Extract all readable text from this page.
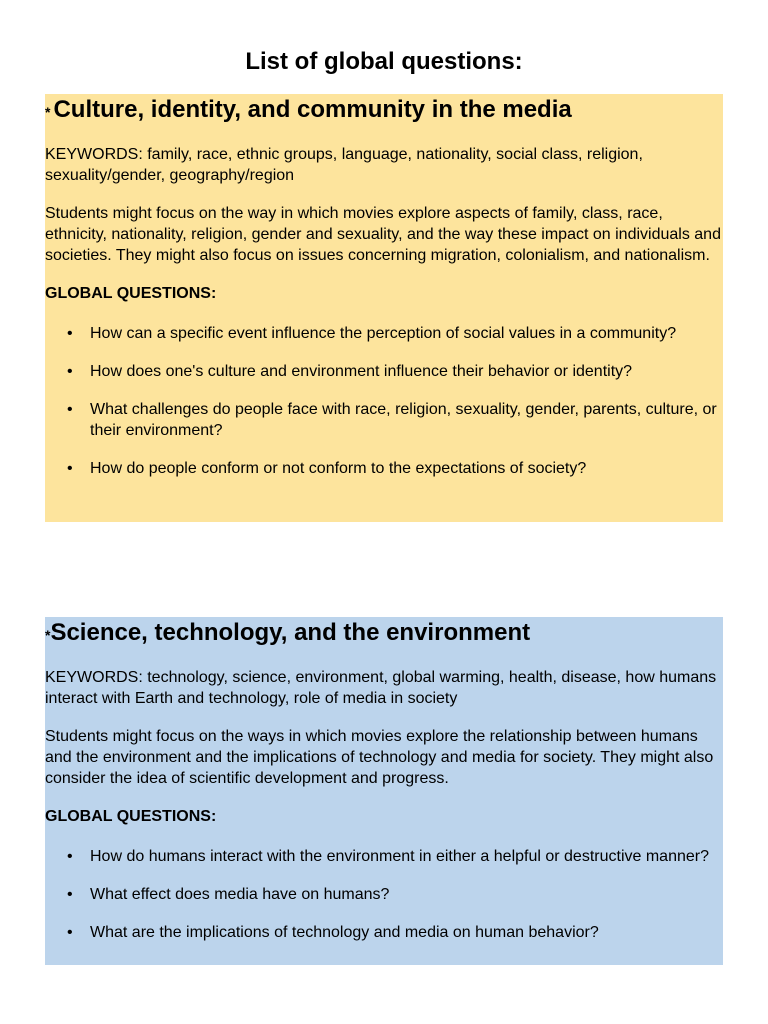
List of global questions:
* Culture, identity, and community in the media

KEYWORDS: family, race, ethnic groups, language, nationality, social class, religion, sexuality/gender, geography/region

Students might focus on the way in which movies explore aspects of family, class, race, ethnicity, nationality, religion, gender and sexuality, and the way these impact on individuals and societies. They might also focus on issues concerning migration, colonialism, and nationalism.

GLOBAL QUESTIONS:

• How can a specific event influence the perception of social values in a community?
• How does one's culture and environment influence their behavior or identity?
• What challenges do people face with race, religion, sexuality, gender, parents, culture, or their environment?
• How do people conform or not conform to the expectations of society?
* Science, technology, and the environment

KEYWORDS: technology, science, environment, global warming, health, disease, how humans interact with Earth and technology, role of media in society

Students might focus on the ways in which movies explore the relationship between humans and the environment and the implications of technology and media for society. They might also consider the idea of scientific development and progress.

GLOBAL QUESTIONS:

• How do humans interact with the environment in either a helpful or destructive manner?
• What effect does media have on humans?
• What are the implications of technology and media on human behavior?
